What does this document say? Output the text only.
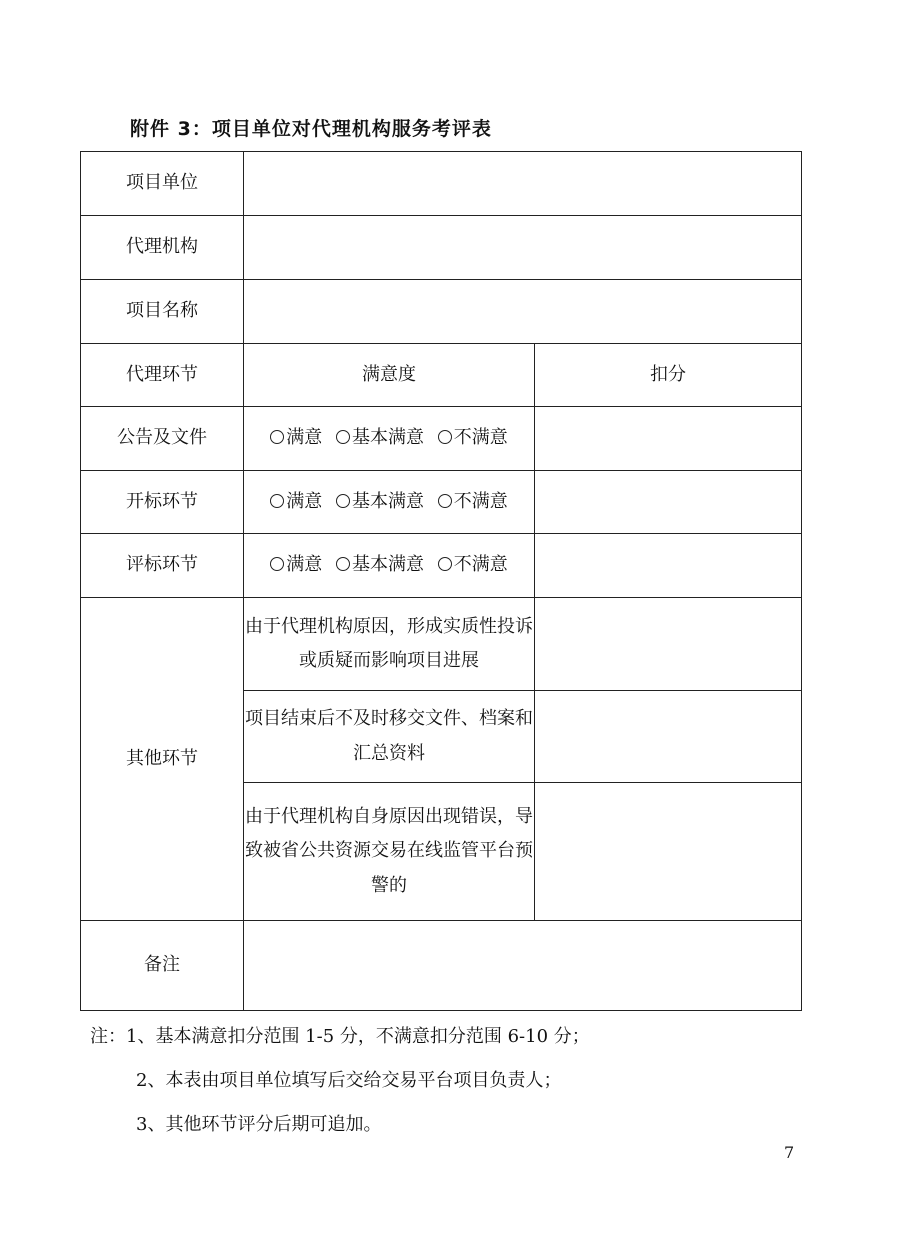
附件 3：项目单位对代理机构服务考评表
项目单位		
代理机构		
项目名称		
代理环节	满意度	扣分
公告及文件	满意 基本满意 不满意	
开标环节	满意 基本满意 不满意	
评标环节	满意 基本满意 不满意	
其他环节	由于代理机构原因，形成实质性投诉或质疑而影响项目进展	
	项目结束后不及时移交文件、档案和汇总资料	
	由于代理机构自身原因出现错误，导致被省公共资源交易在线监管平台预警的	
备注		
注：1、基本满意扣分范围 1-5 分，不满意扣分范围 6-10 分；
2、本表由项目单位填写后交给交易平台项目负责人；
3、其他环节评分后期可追加。
7
